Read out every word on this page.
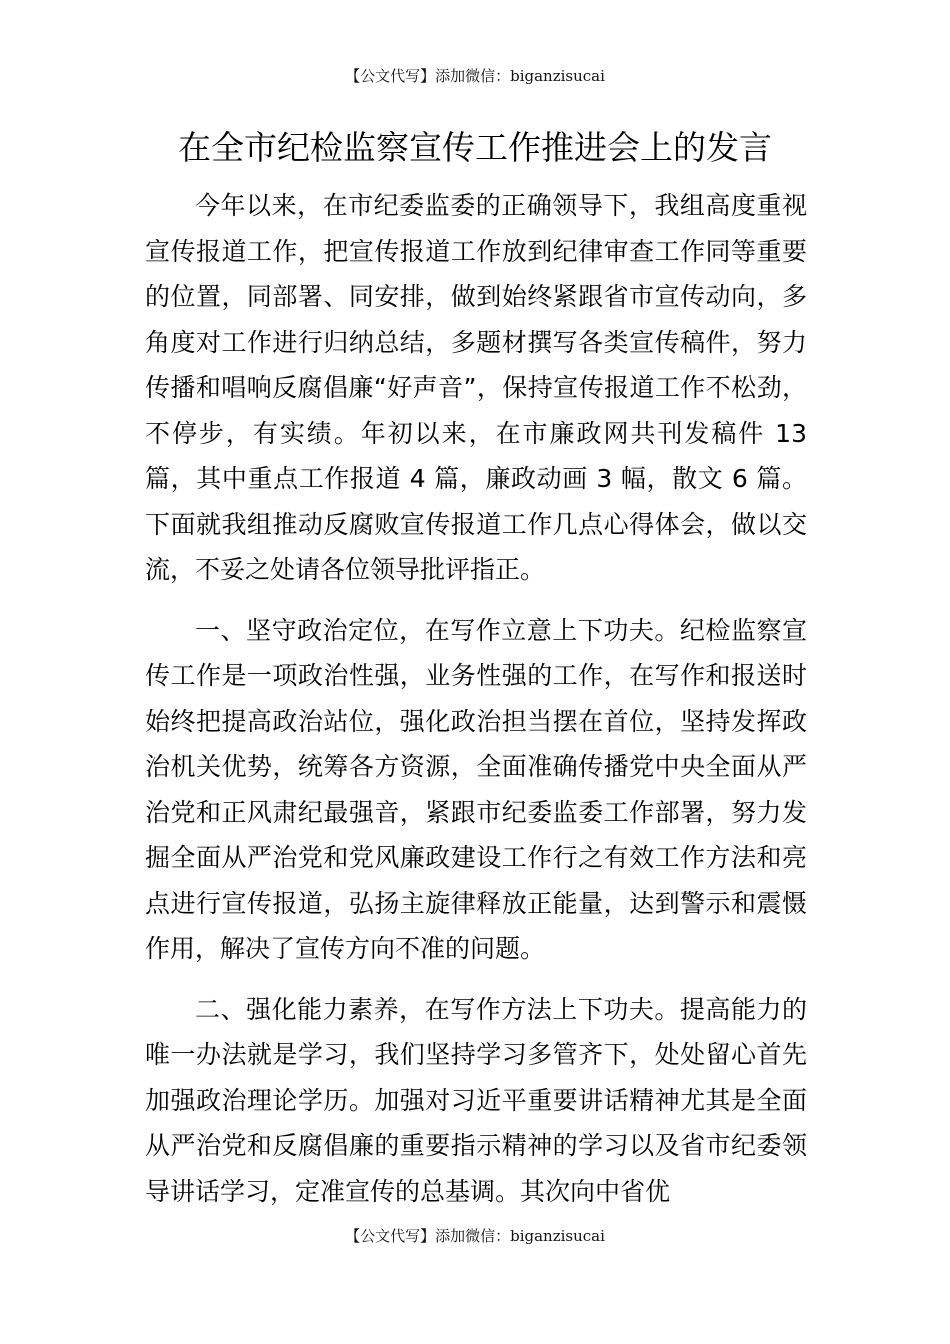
【公文代写】添加微信：biganzisucai
在全市纪检监察宣传工作推进会上的发言

今年以来，在市纪委监委的正确领导下，我组高度重视宣传报道工作，把宣传报道工作放到纪律审查工作同等重要的位置，同部署、同安排，做到始终紧跟省市宣传动向，多角度对工作进行归纳总结，多题材撰写各类宣传稿件，努力传播和唱响反腐倡廉“好声音”，保持宣传报道工作不松劲，不停步，有实绩。年初以来，在市廉政网共刊发稿件 13 篇，其中重点工作报道 4 篇，廉政动画 3 幅，散文 6 篇。下面就我组推动反腐败宣传报道工作几点心得体会，做以交流，不妥之处请各位领导批评指正。

一、坚守政治定位，在写作立意上下功夫。纪检监察宣传工作是一项政治性强，业务性强的工作，在写作和报送时始终把提高政治站位，强化政治担当摆在首位，坚持发挥政治机关优势，统筹各方资源，全面准确传播党中央全面从严治党和正风肃纪最强音，紧跟市纪委监委工作部署，努力发掘全面从严治党和党风廉政建设工作行之有效工作方法和亮点进行宣传报道，弘扬主旋律释放正能量，达到警示和震慑作用，解决了宣传方向不准的问题。

二、强化能力素养，在写作方法上下功夫。提高能力的唯一办法就是学习，我们坚持学习多管齐下，处处留心首先加强政治理论学历。加强对习近平重要讲话精神尤其是全面从严治党和反腐倡廉的重要指示精神的学习以及省市纪委领导讲话学习，定准宣传的总基调。其次向中省优

【公文代写】添加微信：biganzisucai
